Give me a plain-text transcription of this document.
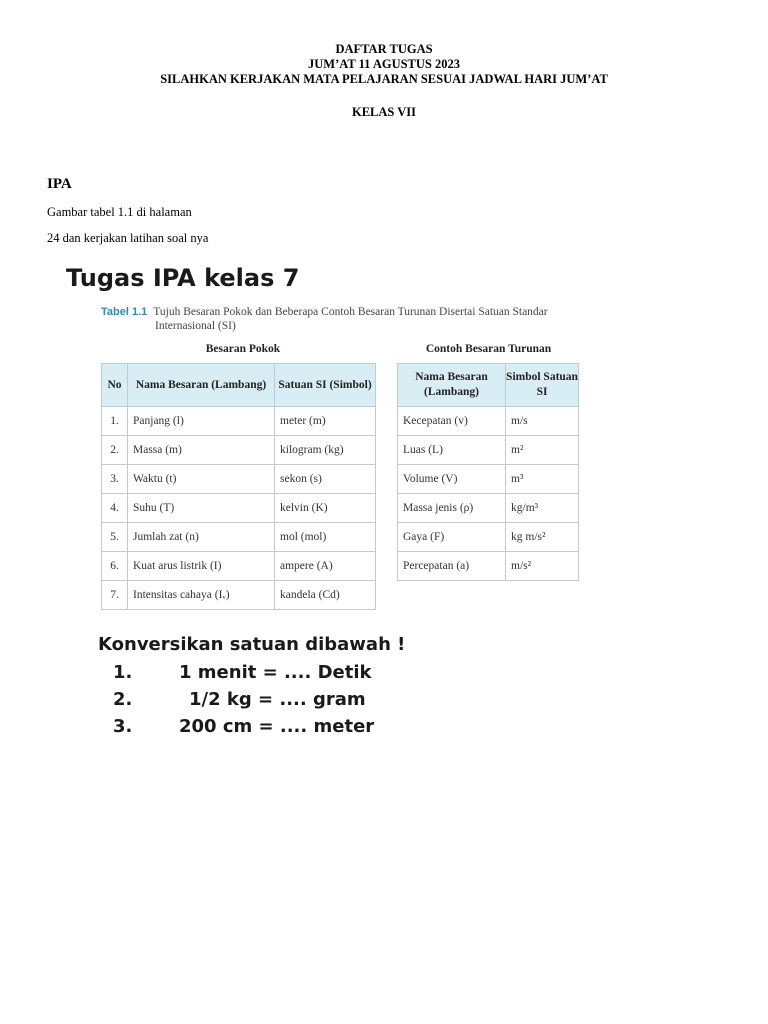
DAFTAR TUGAS
JUM’AT 11 AGUSTUS 2023
SILAHKAN KERJAKAN MATA PELAJARAN SESUAI JADWAL HARI JUM’AT
KELAS VII
IPA
Gambar tabel 1.1 di halaman
24 dan kerjakan latihan soal nya
Tugas IPA kelas 7
Tabel 1.1 Tujuh Besaran Pokok dan Beberapa Contoh Besaran Turunan Disertai Satuan Standar
Internasional (SI)
Besaran Pokok	Contoh Besaran Turunan
No	Nama Besaran (Lambang)	Satuan SI (Simbol)
1.	Panjang (l)	meter (m)
2.	Massa (m)	kilogram (kg)
3.	Waktu (t)	sekon (s)
4.	Suhu (T)	kelvin (K)
5.	Jumlah zat (n)	mol (mol)
6.	Kuat arus listrik (I)	ampere (A)
7.	Intensitas cahaya (Iᵥ)	kandela (Cd)
Nama Besaran (Lambang)	Simbol Satuan SI
Kecepatan (v)	m/s
Luas (L)	m²
Volume (V)	m³
Massa jenis (ρ)	kg/m³
Gaya (F)	kg m/s²
Percepatan (a)	m/s²
Konversikan satuan dibawah !
1.	1 menit = .... Detik
2.	1/2 kg = .... gram
3.	200 cm = .... meter
